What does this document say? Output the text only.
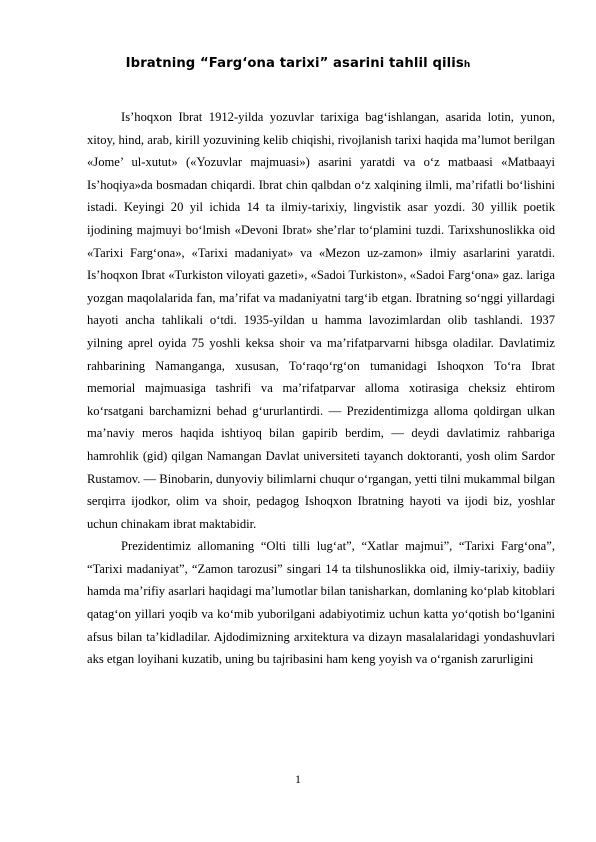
Ibratning “Farg‘ona tarixi” asarini tahlil qilish

Is’hoqxon Ibrat 1912-yilda yozuvlar tarixiga bag‘ishlangan, asarida lotin, yunon, xitoy, hind, arab, kirill yozuvining kelib chiqishi, rivojlanish tarixi haqida ma’lumot berilgan «Jome’ ul-xutut» («Yozuvlar majmuasi») asarini yaratdi va o‘z matbaasi «Matbaayi Is’hoqiya»da bosmadan chiqardi. Ibrat chin qalbdan o‘z xalqining ilmli, ma’rifatli bo‘lishini istadi. Keyingi 20 yil ichida 14 ta ilmiy-tarixiy, lingvistik asar yozdi. 30 yillik poetik ijodining majmuyi bo‘lmish «Devoni Ibrat» she’rlar to‘plamini tuzdi. Tarixshunoslikka oid «Tarixi Farg‘ona», «Tarixi madaniyat» va «Mezon uz-zamon» ilmiy asarlarini yaratdi. Is’hoqxon Ibrat «Turkiston viloyati gazeti», «Sadoi Turkiston», «Sadoi Farg‘ona» gaz. lariga yozgan maqolalarida fan, ma’rifat va madaniyatni targ‘ib etgan. Ibratning so‘nggi yillardagi hayoti ancha tahlikali o‘tdi. 1935-yildan u hamma lavozimlardan olib tashlandi. 1937 yilning aprel oyida 75 yoshli keksa shoir va ma’rifatparvarni hibsga oladilar. Davlatimiz rahbarining Namanganga, xususan, To‘raqo‘rg‘on tumanidagi Ishoqxon To‘ra Ibrat memorial majmuasiga tashrifi va ma’rifatparvar alloma xotirasiga cheksiz ehtirom ko‘rsatgani barchamizni behad g‘ururlantirdi. — Prezidentimizga alloma qoldirgan ulkan ma’naviy meros haqida ishtiyoq bilan gapirib berdim, — deydi davlatimiz rahbariga hamrohlik (gid) qilgan Namangan Davlat universiteti tayanch doktoranti, yosh olim Sardor Rustamov. — Binobarin, dunyoviy bilimlarni chuqur o‘rgangan, yetti tilni mukammal bilgan serqirra ijodkor, olim va shoir, pedagog Ishoqxon Ibratning hayoti va ijodi biz, yoshlar uchun chinakam ibrat maktabidir.

Prezidentimiz allomaning “Olti tilli lug‘at”, “Xatlar majmui”, “Tarixi Farg‘ona”, “Tarixi madaniyat”, “Zamon tarozusi” singari 14 ta tilshunoslikka oid, ilmiy-tarixiy, badiiy hamda ma’rifiy asarlari haqidagi ma’lumotlar bilan tanisharkan, domlaning ko‘plab kitoblari qatag‘on yillari yoqib va ko‘mib yuborilgani adabiyotimiz uchun katta yo‘qotish bo‘lganini afsus bilan ta’kidladilar. Ajdodimizning arxitektura va dizayn masalalaridagi yondashuvlari aks etgan loyihani kuzatib, uning bu tajribasini ham keng yoyish va o‘rganish zarurligini

1
